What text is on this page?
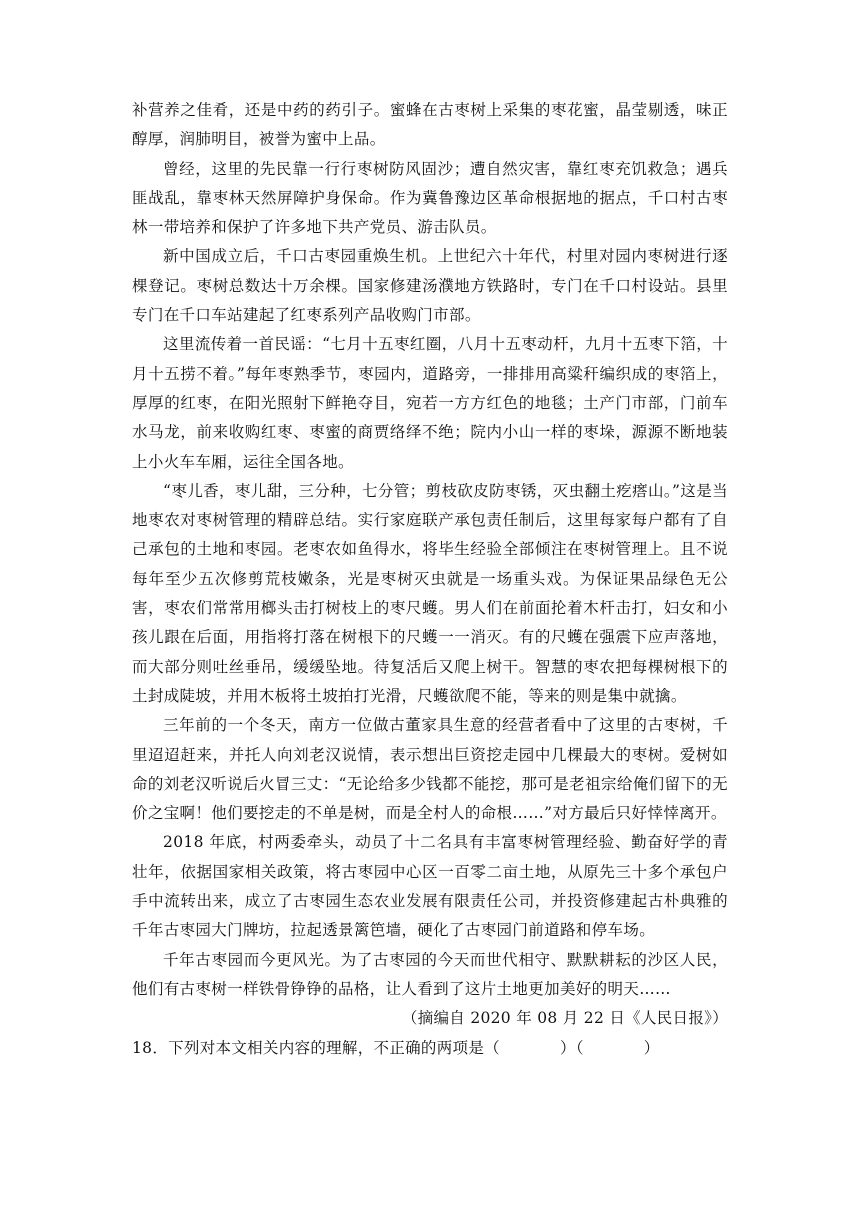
补营养之佳肴，还是中药的药引子。蜜蜂在古枣树上采集的枣花蜜，晶莹剔透，味正醇厚，润肺明目，被誉为蜜中上品。

曾经，这里的先民靠一行行枣树防风固沙；遭自然灾害，靠红枣充饥救急；遇兵匪战乱，靠枣林天然屏障护身保命。作为冀鲁豫边区革命根据地的据点，千口村古枣林一带培养和保护了许多地下共产党员、游击队员。

新中国成立后，千口古枣园重焕生机。上世纪六十年代，村里对园内枣树进行逐棵登记。枣树总数达十万余棵。国家修建汤濮地方铁路时，专门在千口村设站。县里专门在千口车站建起了红枣系列产品收购门市部。

这里流传着一首民谣：“七月十五枣红圈，八月十五枣动杆，九月十五枣下箔，十月十五捞不着。”每年枣熟季节，枣园内，道路旁，一排排用高粱秆编织成的枣箔上，厚厚的红枣，在阳光照射下鲜艳夺目，宛若一方方红色的地毯；土产门市部，门前车水马龙，前来收购红枣、枣蜜的商贾络绎不绝；院内小山一样的枣垛，源源不断地装上小火车车厢，运往全国各地。

“枣儿香，枣儿甜，三分种，七分管；剪枝砍皮防枣锈，灭虫翻土疙瘩山。”这是当地枣农对枣树管理的精辟总结。实行家庭联产承包责任制后，这里每家每户都有了自己承包的土地和枣园。老枣农如鱼得水，将毕生经验全部倾注在枣树管理上。且不说每年至少五次修剪荒枝嫩条，光是枣树灭虫就是一场重头戏。为保证果品绿色无公害，枣农们常常用榔头击打树枝上的枣尺蠖。男人们在前面抡着木杆击打，妇女和小孩儿跟在后面，用指将打落在树根下的尺蠖一一消灭。有的尺蠖在强震下应声落地，而大部分则吐丝垂吊，缓缓坠地。待复活后又爬上树干。智慧的枣农把每棵树根下的土封成陡坡，并用木板将土坡拍打光滑，尺蠖欲爬不能，等来的则是集中就擒。

三年前的一个冬天，南方一位做古董家具生意的经营者看中了这里的古枣树，千里迢迢赶来，并托人向刘老汉说情，表示想出巨资挖走园中几棵最大的枣树。爱树如命的刘老汉听说后火冒三丈：“无论给多少钱都不能挖，那可是老祖宗给俺们留下的无价之宝啊！他们要挖走的不单是树，而是全村人的命根……”对方最后只好悻悻离开。

2018 年底，村两委牵头，动员了十二名具有丰富枣树管理经验、勤奋好学的青壮年，依据国家相关政策，将古枣园中心区一百零二亩土地，从原先三十多个承包户手中流转出来，成立了古枣园生态农业发展有限责任公司，并投资修建起古朴典雅的千年古枣园大门牌坊，拉起透景篱笆墙，硬化了古枣园门前道路和停车场。

千年古枣园而今更风光。为了古枣园的今天而世代相守、默默耕耘的沙区人民，他们有古枣树一样铁骨铮铮的品格，让人看到了这片土地更加美好的明天……

（摘编自 2020 年 08 月 22 日《人民日报》）

18．下列对本文相关内容的理解，不正确的两项是（	）（	）
